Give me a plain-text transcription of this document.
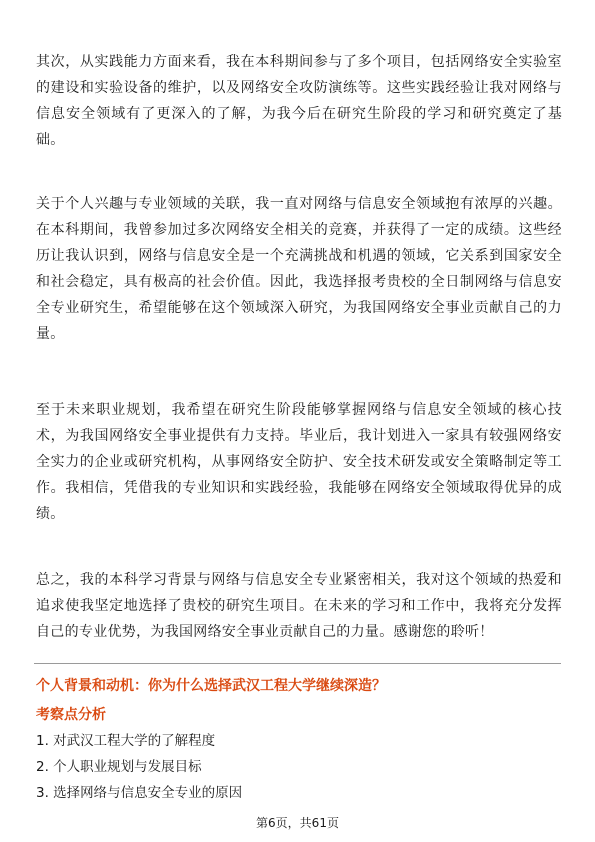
其次，从实践能力方面来看，我在本科期间参与了多个项目，包括网络安全实验室的建设和实验设备的维护，以及网络安全攻防演练等。这些实践经验让我对网络与信息安全领域有了更深入的了解，为我今后在研究生阶段的学习和研究奠定了基础。

关于个人兴趣与专业领域的关联，我一直对网络与信息安全领域抱有浓厚的兴趣。在本科期间，我曾参加过多次网络安全相关的竞赛，并获得了一定的成绩。这些经历让我认识到，网络与信息安全是一个充满挑战和机遇的领域，它关系到国家安全和社会稳定，具有极高的社会价值。因此，我选择报考贵校的全日制网络与信息安全专业研究生，希望能够在这个领域深入研究，为我国网络安全事业贡献自己的力量。

至于未来职业规划，我希望在研究生阶段能够掌握网络与信息安全领域的核心技术，为我国网络安全事业提供有力支持。毕业后，我计划进入一家具有较强网络安全实力的企业或研究机构，从事网络安全防护、安全技术研发或安全策略制定等工作。我相信，凭借我的专业知识和实践经验，我能够在网络安全领域取得优异的成绩。

总之，我的本科学习背景与网络与信息安全专业紧密相关，我对这个领域的热爱和追求使我坚定地选择了贵校的研究生项目。在未来的学习和工作中，我将充分发挥自己的专业优势，为我国网络安全事业贡献自己的力量。感谢您的聆听！

个人背景和动机：你为什么选择武汉工程大学继续深造？

考察点分析

1. 对武汉工程大学的了解程度
2. 个人职业规划与发展目标
3. 选择网络与信息安全专业的原因
第6页，共61页
